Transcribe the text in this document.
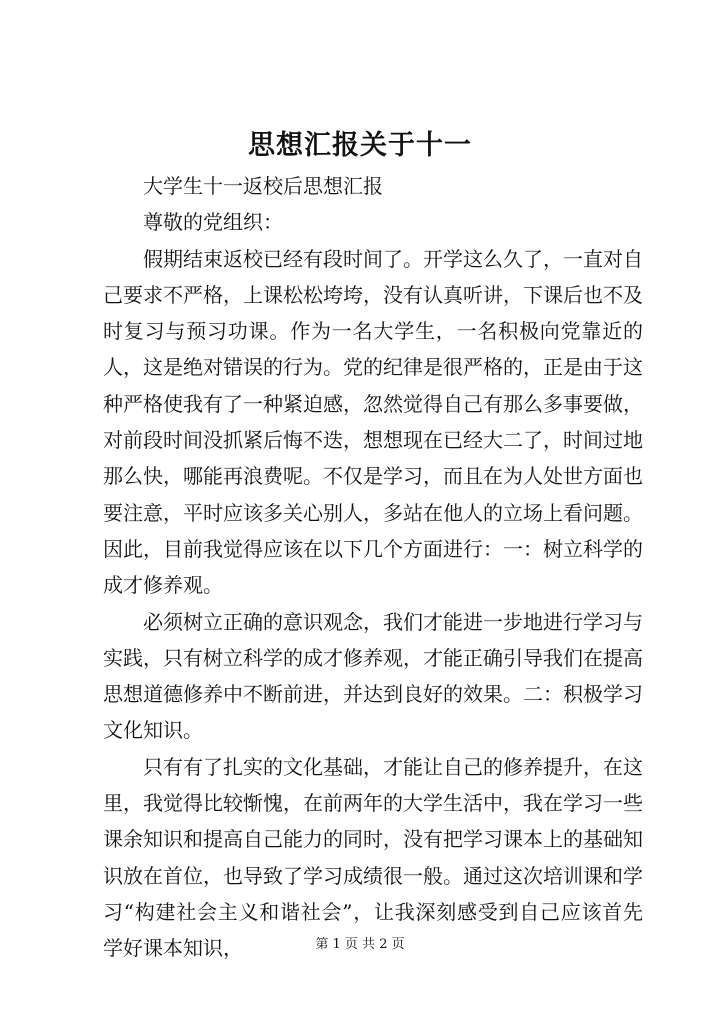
思想汇报关于十一

大学生十一返校后思想汇报

尊敬的党组织：

假期结束返校已经有段时间了。开学这么久了，一直对自己要求不严格，上课松松垮垮，没有认真听讲，下课后也不及时复习与预习功课。作为一名大学生，一名积极向党靠近的人，这是绝对错误的行为。党的纪律是很严格的，正是由于这种严格使我有了一种紧迫感，忽然觉得自己有那么多事要做，对前段时间没抓紧后悔不迭，想想现在已经大二了，时间过地那么快，哪能再浪费呢。不仅是学习，而且在为人处世方面也要注意，平时应该多关心别人，多站在他人的立场上看问题。因此，目前我觉得应该在以下几个方面进行：一：树立科学的成才修养观。

必须树立正确的意识观念，我们才能进一步地进行学习与实践，只有树立科学的成才修养观，才能正确引导我们在提高思想道德修养中不断前进，并达到良好的效果。二：积极学习文化知识。

只有有了扎实的文化基础，才能让自己的修养提升，在这里，我觉得比较惭愧，在前两年的大学生活中，我在学习一些课余知识和提高自己能力的同时，没有把学习课本上的基础知识放在首位，也导致了学习成绩很一般。通过这次培训课和学习“构建社会主义和谐社会”，让我深刻感受到自己应该首先学好课本知识，	第 1 页 共 2 页
